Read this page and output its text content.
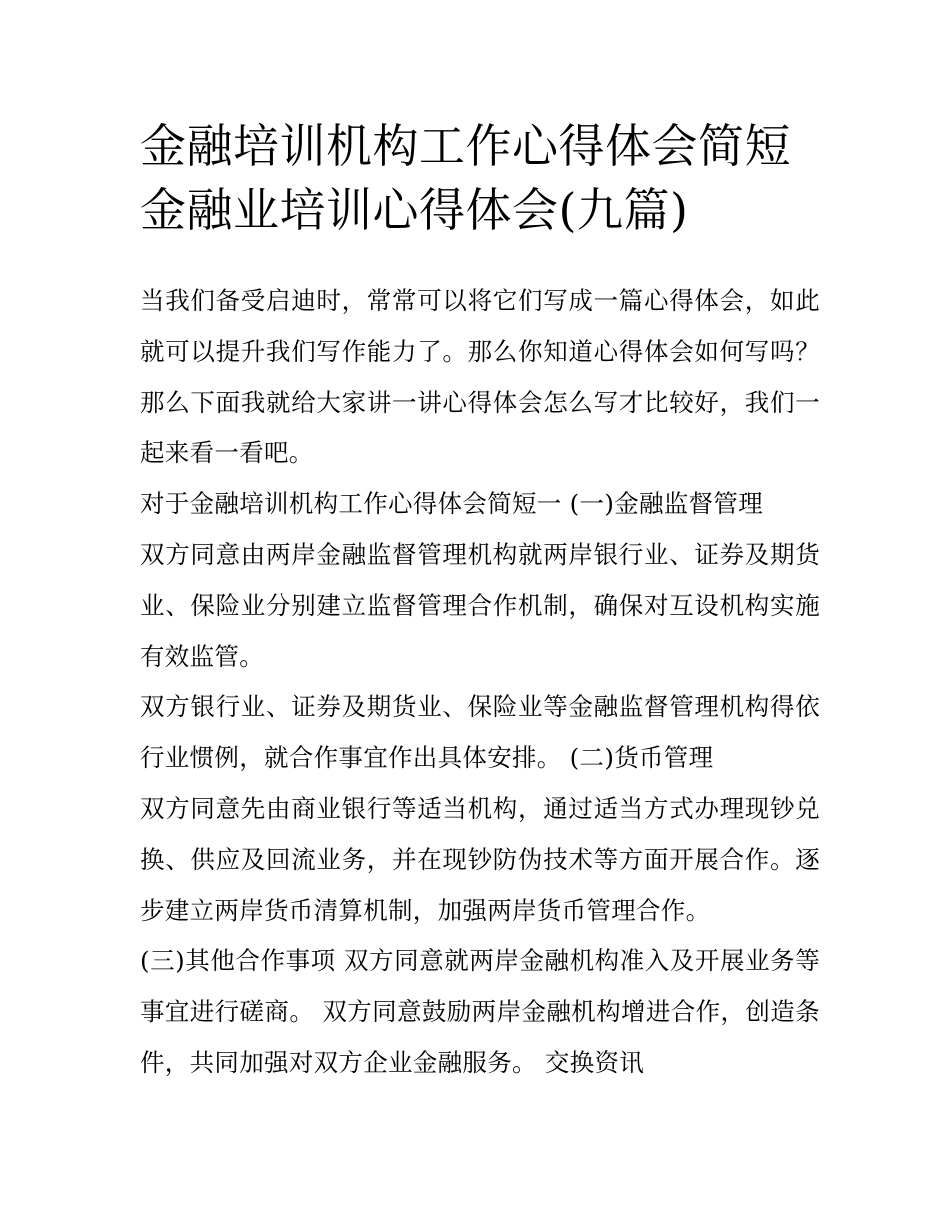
金融培训机构工作心得体会简短 金融业培训心得体会(九篇)

当我们备受启迪时，常常可以将它们写成一篇心得体会，如此就可以提升我们写作能力了。那么你知道心得体会如何写吗？那么下面我就给大家讲一讲心得体会怎么写才比较好，我们一起来看一看吧。

对于金融培训机构工作心得体会简短一 (一)金融监督管理

双方同意由两岸金融监督管理机构就两岸银行业、证券及期货业、保险业分别建立监督管理合作机制，确保对互设机构实施有效监管。

双方银行业、证券及期货业、保险业等金融监督管理机构得依行业惯例，就合作事宜作出具体安排。 (二)货币管理

双方同意先由商业银行等适当机构，通过适当方式办理现钞兑换、供应及回流业务，并在现钞防伪技术等方面开展合作。逐步建立两岸货币清算机制，加强两岸货币管理合作。

(三)其他合作事项 双方同意就两岸金融机构准入及开展业务等事宜进行磋商。 双方同意鼓励两岸金融机构增进合作，创造条件，共同加强对双方企业金融服务。 交换资讯
